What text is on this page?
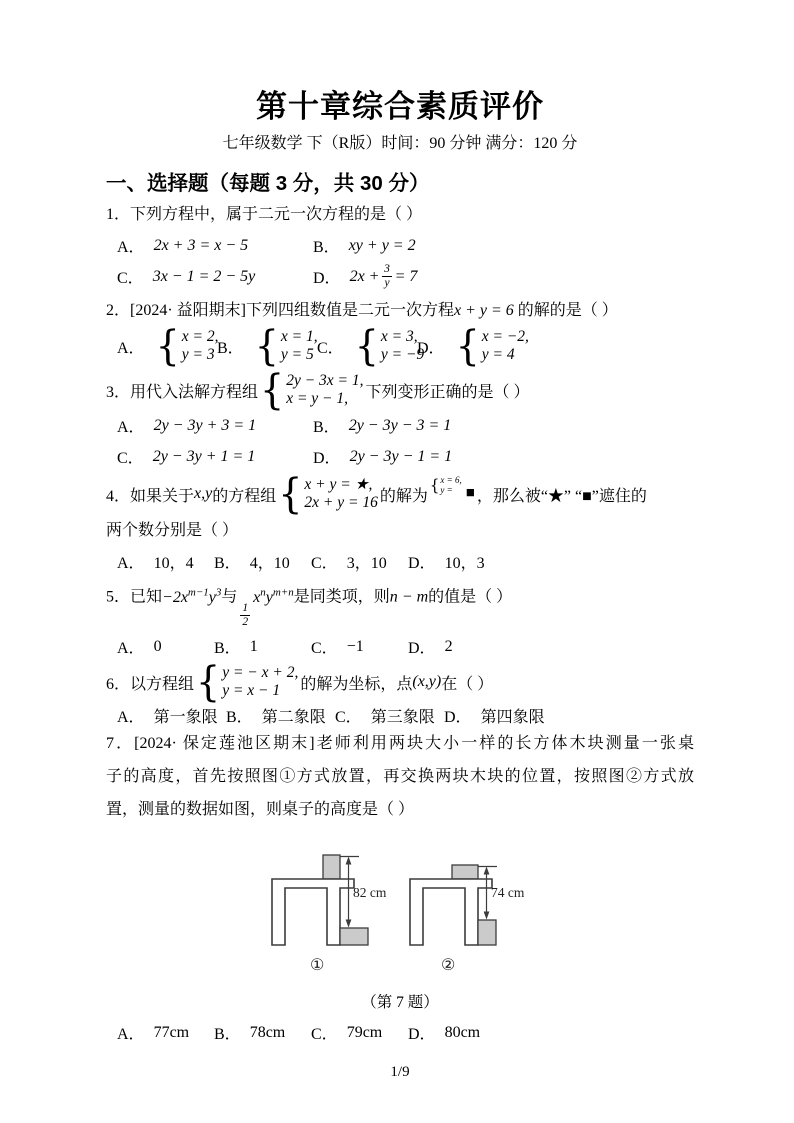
第十章综合素质评价
七年级数学 下（R版）时间：90 分钟 满分：120 分
一、选择题（每题 3 分，共 30 分）
1．下列方程中，属于二元一次方程的是（ ）
A． 2x + 3 = x − 5	B． xy + y = 2
C． 3x − 1 = 2 − 5y	D． $2x + \frac{3}{y} = 7$
2．[2024· 益阳期末]下列四组数值是二元一次方程x + y = 6 的解的是（ ）
A． { x = 2,
y = 3 B． { x = 1,
y = 5 C． { x = 3,
y = −9
D． { x = −2,
y = 4
3．用代入法解方程组 { 2y − 3x = 1,
x = y − 1,	下列变形正确的是（ ）
A． 2y − 3y + 3 = 1	B． 2y − 3y − 3 = 1
C． 2y − 3y + 1 = 1	D． 2y − 3y − 1 = 1
4．如果关于 x,y 的方程组 { x + y = ★,
2x + y = 16 的解为
{ x = 6,
y = ■ ，那么被“★” “■”遮住的
两个数分别是（ ）
A． 10，4 B． 4，10 C． 3，10 D． 10，3
5．已知$-2x^{m-1}y^3$与
$\frac{1}{2}$
$x^ny^{m+n}$是同类项，则n − m的值是（ ）
A． 0	B． 1	C． −1	D． 2
6．以方程组 { y = − x + 2,
y = x − 1	的解为坐标，点 (x,y) 在（ ）
A． 第一象限 B． 第二象限 C． 第三象限 D． 第四象限
7．[2024· 保定莲池区期末]老师利用两块大小一样的长方体木块测量一张桌
子的高度，首先按照图①方式放置，再交换两块木块的位置，按照图②方式放
置，测量的数据如图，则桌子的高度是（ ）
82 cm
①
74 cm
②
（第 7 题）
A． 77cm B． 78cm C． 79cm D． 80cm
1/9
